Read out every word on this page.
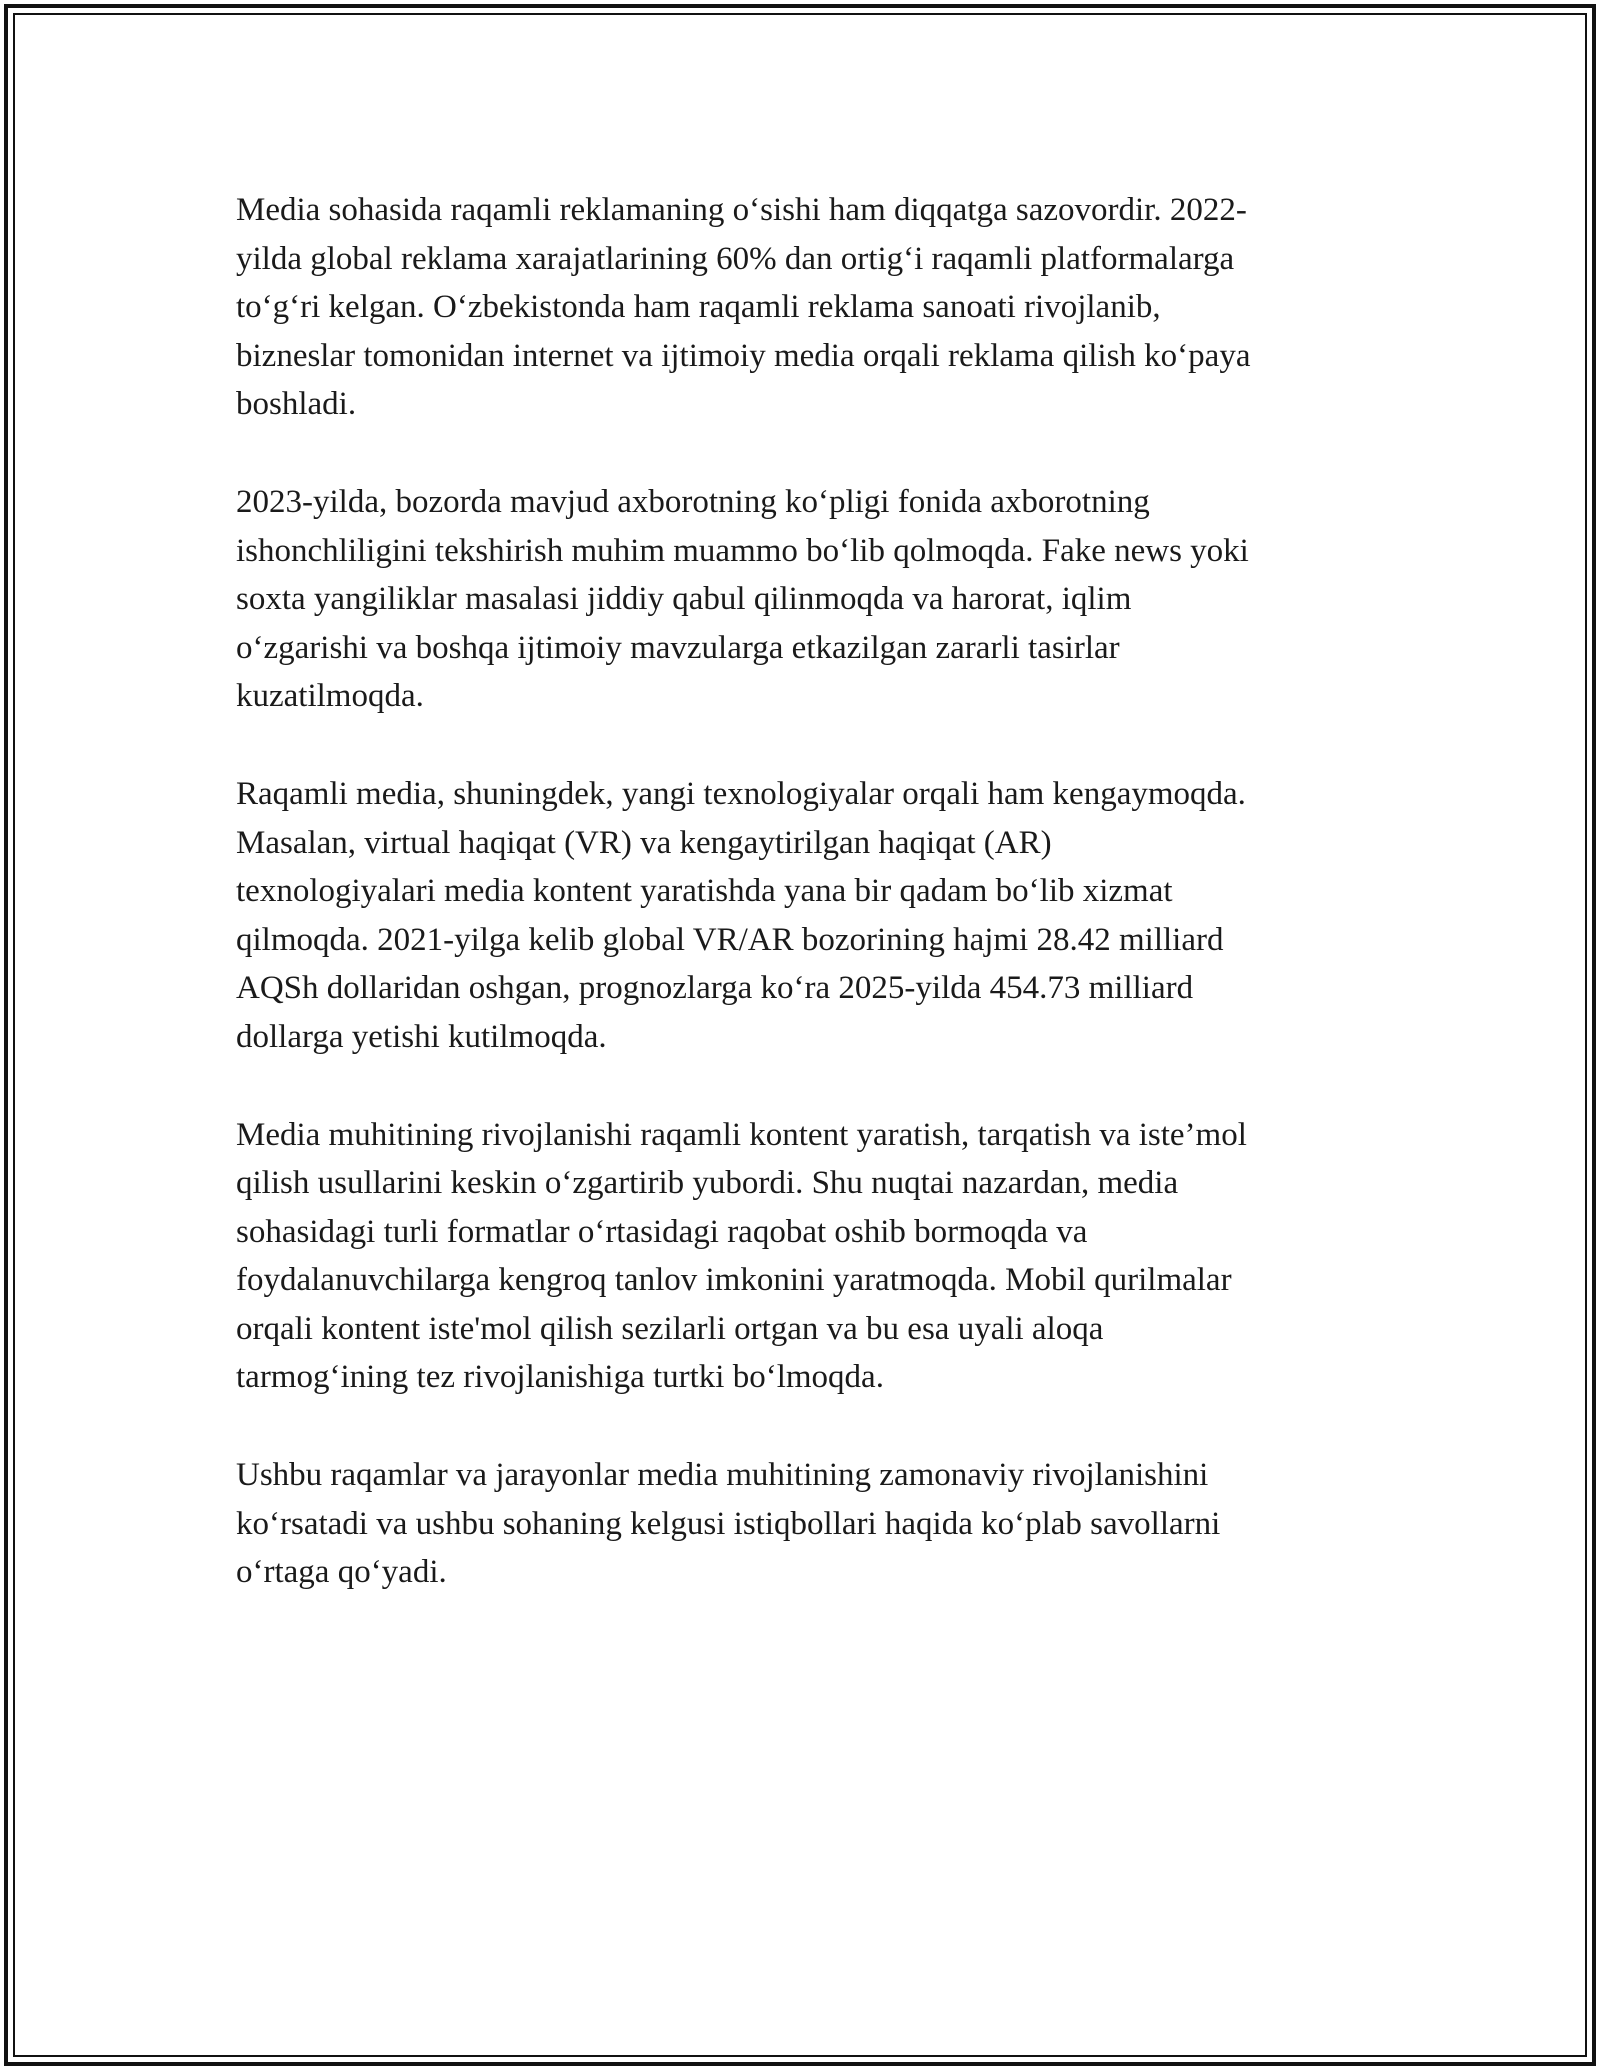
Media sohasida raqamli reklamaning o‘sishi ham diqqatga sazovordir. 2022-
yilda global reklama xarajatlarining 60% dan ortig‘i raqamli platformalarga
to‘g‘ri kelgan. O‘zbekistonda ham raqamli reklama sanoati rivojlanib,
bizneslar tomonidan internet va ijtimoiy media orqali reklama qilish ko‘paya
boshladi.

2023-yilda, bozorda mavjud axborotning ko‘pligi fonida axborotning
ishonchliligini tekshirish muhim muammo bo‘lib qolmoqda. Fake news yoki
soxta yangiliklar masalasi jiddiy qabul qilinmoqda va harorat, iqlim
o‘zgarishi va boshqa ijtimoiy mavzularga etkazilgan zararli tasirlar
kuzatilmoqda.

Raqamli media, shuningdek, yangi texnologiyalar orqali ham kengaymoqda.
Masalan, virtual haqiqat (VR) va kengaytirilgan haqiqat (AR)
texnologiyalari media kontent yaratishda yana bir qadam bo‘lib xizmat
qilmoqda. 2021-yilga kelib global VR/AR bozorining hajmi 28.42 milliard
AQSh dollaridan oshgan, prognozlarga ko‘ra 2025-yilda 454.73 milliard
dollarga yetishi kutilmoqda.

Media muhitining rivojlanishi raqamli kontent yaratish, tarqatish va iste’mol
qilish usullarini keskin o‘zgartirib yubordi. Shu nuqtai nazardan, media
sohasidagi turli formatlar o‘rtasidagi raqobat oshib bormoqda va
foydalanuvchilarga kengroq tanlov imkonini yaratmoqda. Mobil qurilmalar
orqali kontent iste'mol qilish sezilarli ortgan va bu esa uyali aloqa
tarmog‘ining tez rivojlanishiga turtki bo‘lmoqda.

Ushbu raqamlar va jarayonlar media muhitining zamonaviy rivojlanishini
ko‘rsatadi va ushbu sohaning kelgusi istiqbollari haqida ko‘plab savollarni
o‘rtaga qo‘yadi.
